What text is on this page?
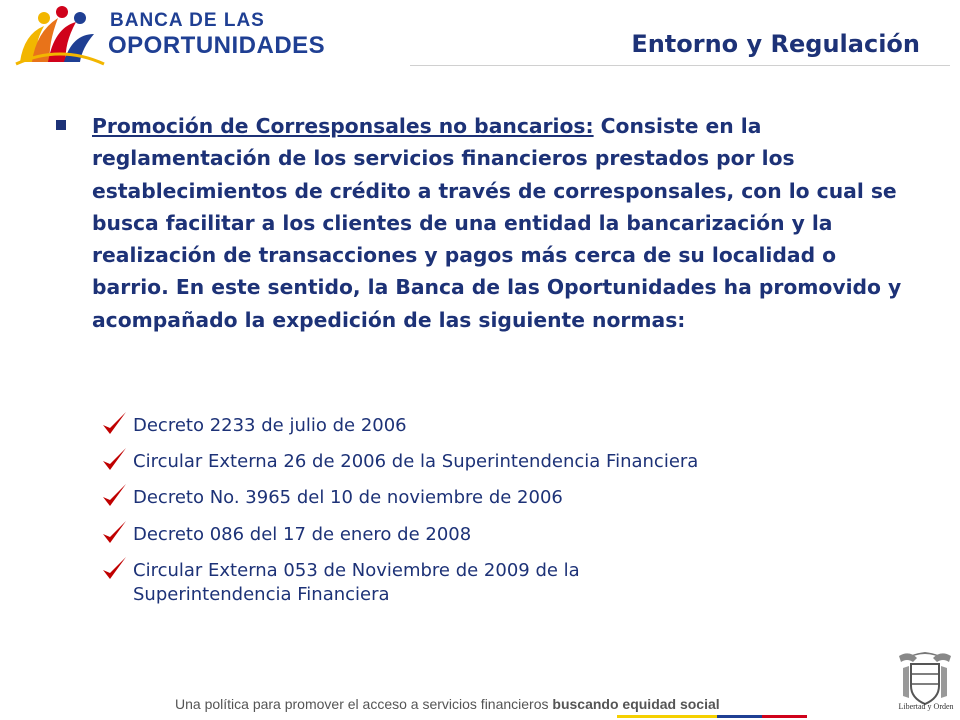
BANCA DE LAS
OPORTUNIDADES	Entorno y Regulación
Promoción de Corresponsales no bancarios: Consiste en la reglamentación de los servicios financieros prestados por los establecimientos de crédito a través de corresponsales, con lo cual se busca facilitar a los clientes de una entidad la bancarización y la realización de transacciones y pagos más cerca de su localidad o barrio. En este sentido, la Banca de las Oportunidades ha promovido y acompañado la expedición de las siguiente normas:
Decreto 2233 de julio de 2006
Circular Externa 26 de 2006 de la Superintendencia Financiera
Decreto No. 3965 del 10 de noviembre de 2006
Decreto 086 del 17 de enero de 2008
Circular Externa 053 de Noviembre de 2009 de la Superintendencia Financiera
Una política para promover el acceso a servicios financieros buscando equidad social	Libertad y Orden
